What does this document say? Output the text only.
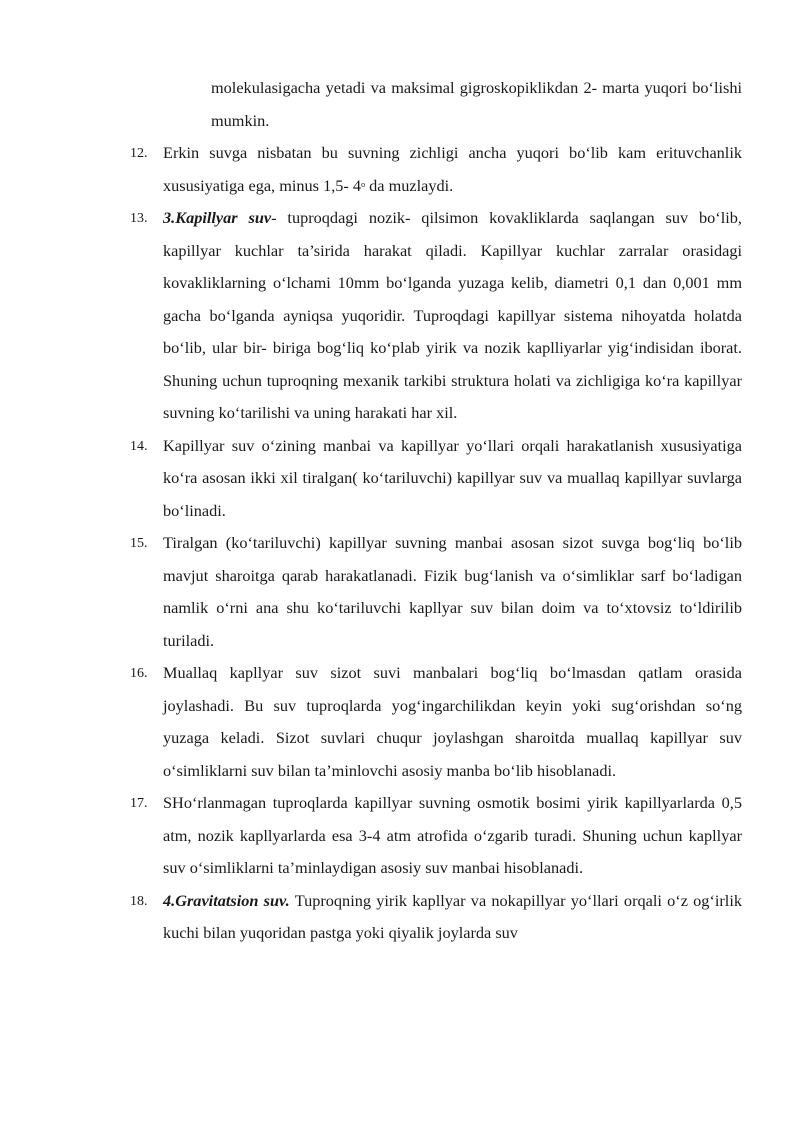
molekulasigacha yetadi va maksimal gigroskopiklikdan 2- marta yuqori bo‘lishi mumkin.
12. Erkin suvga nisbatan bu suvning zichligi ancha yuqori bo‘lib kam erituvchanlik xususiyatiga ega, minus 1,5- 4$^o$ da muzlaydi.
13. 3.Kapillyar suv- tuproqdagi nozik- qilsimon kovakliklarda saqlangan suv bo‘lib, kapillyar kuchlar ta’sirida harakat qiladi. Kapillyar kuchlar zarralar orasidagi kovakliklarning o‘lchami 10mm bo‘lganda yuzaga kelib, diametri 0,1 dan 0,001 mm gacha bo‘lganda ayniqsa yuqoridir. Tuproqdagi kapillyar sistema nihoyatda holatda bo‘lib, ular bir- biriga bog‘liq ko‘plab yirik va nozik kaplliyarlar yig‘indisidan iborat. Shuning uchun tuproqning mexanik tarkibi struktura holati va zichligiga ko‘ra kapillyar suvning ko‘tarilishi va uning harakati har xil.
14. Kapillyar suv o‘zining manbai va kapillyar yo‘llari orqali harakatlanish xususiyatiga ko‘ra asosan ikki xil tiralgan( ko‘tariluvchi) kapillyar suv va muallaq kapillyar suvlarga bo‘linadi.
15. Tiralgan (ko‘tariluvchi) kapillyar suvning manbai asosan sizot suvga bog‘liq bo‘lib mavjut sharoitga qarab harakatlanadi. Fizik bug‘lanish va o‘simliklar sarf bo‘ladigan namlik o‘rni ana shu ko‘tariluvchi kapllyar suv bilan doim va to‘xtovsiz to‘ldirilib turiladi.
16. Muallaq kapllyar suv sizot suvi manbalari bog‘liq bo‘lmasdan qatlam orasida joylashadi. Bu suv tuproqlarda yog‘ingarchilikdan keyin yoki sug‘orishdan so‘ng yuzaga keladi. Sizot suvlari chuqur joylashgan sharoitda muallaq kapillyar suv o‘simliklarni suv bilan ta’minlovchi asosiy manba bo‘lib hisoblanadi.
17. SHo‘rlanmagan tuproqlarda kapillyar suvning osmotik bosimi yirik kapillyarlarda 0,5 atm, nozik kapllyarlarda esa 3-4 atm atrofida o‘zgarib turadi. Shuning uchun kapllyar suv o‘simliklarni ta’minlaydigan asosiy suv manbai hisoblanadi.
18. 4.Gravitatsion suv. Tuproqning yirik kapllyar va nokapillyar yo‘llari orqali o‘z og‘irlik kuchi bilan yuqoridan pastga yoki qiyalik joylarda suv
